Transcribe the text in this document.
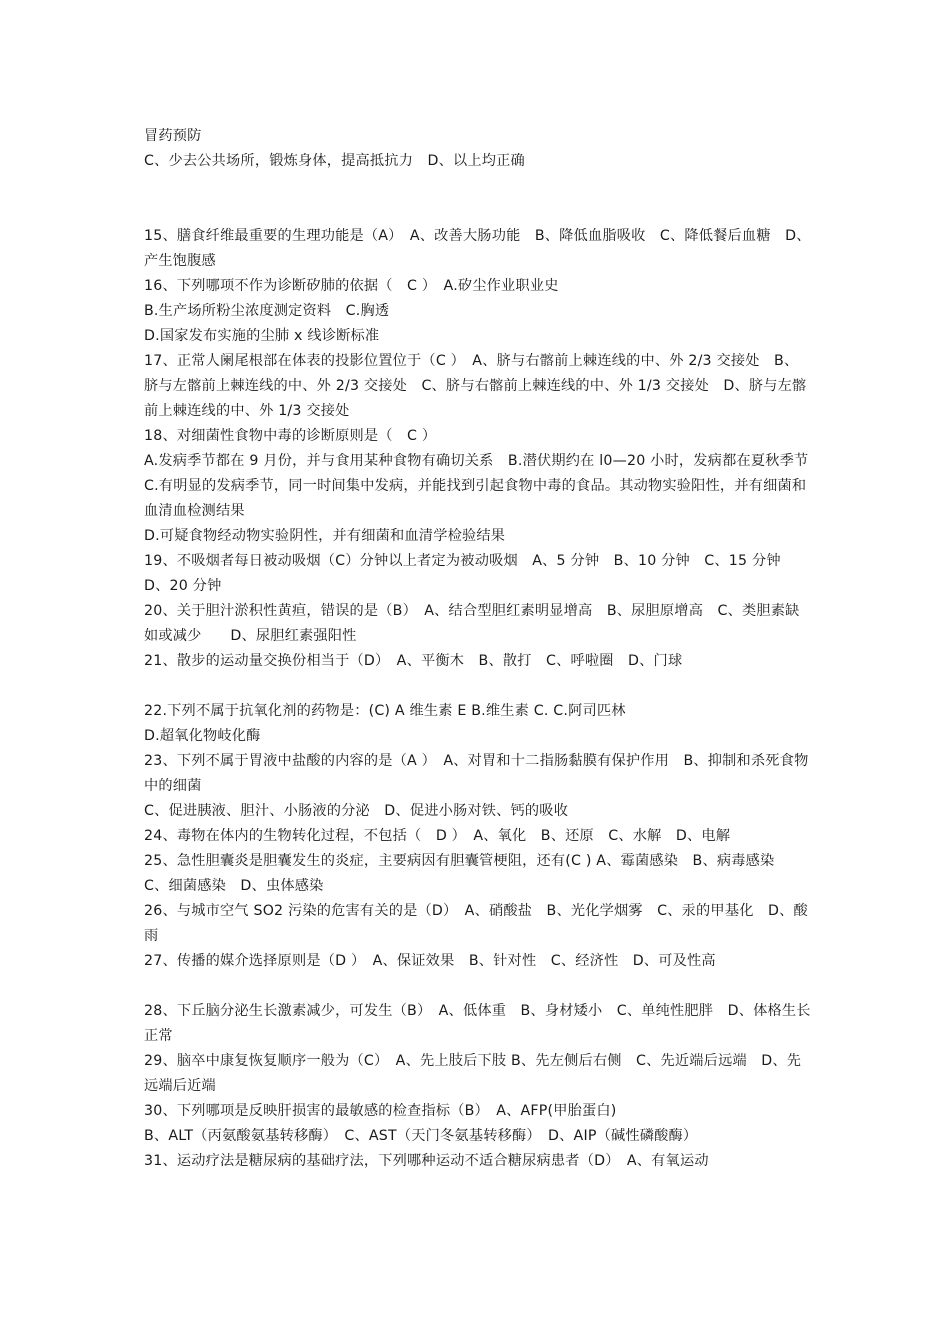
冒药预防

C、少去公共场所，锻炼身体，提高抵抗力　D、以上均正确

15、膳食纤维最重要的生理功能是（A）　A、改善大肠功能　B、降低血脂吸收　C、降低餐后血糖　D、产生饱腹感

16、下列哪项不作为诊断矽肺的依据（　C ）　A.矽尘作业职业史

B.生产场所粉尘浓度测定资料　C.胸透

D.国家发布实施的尘肺 x 线诊断标准

17、正常人阑尾根部在体表的投影位置位于（C ）　A、脐与右髂前上棘连线的中、外 2/3 交接处　B、脐与左髂前上棘连线的中、外 2/3 交接处　C、脐与右髂前上棘连线的中、外 1/3 交接处　D、脐与左髂前上棘连线的中、外 1/3 交接处

18、对细菌性食物中毒的诊断原则是（　C ）

A.发病季节都在 9 月份，并与食用某种食物有确切关系　B.潜伏期约在 l0—20 小时，发病都在夏秋季节

C.有明显的发病季节，同一时间集中发病，并能找到引起食物中毒的食品。其动物实验阳性，并有细菌和血清血检测结果

D.可疑食物经动物实验阴性，并有细菌和血清学检验结果

19、不吸烟者每日被动吸烟（C）分钟以上者定为被动吸烟　A、5 分钟　B、10 分钟　C、15 分钟　D、20 分钟

20、关于胆汁淤积性黄疸，错误的是（B）　A、结合型胆红素明显增高　B、尿胆原增高　C、类胆素缺如或减少　　D、尿胆红素强阳性

21、散步的运动量交换份相当于（D）　A、平衡木　B、散打　C、呼啦圈　D、门球

22.下列不属于抗氧化剂的药物是：(C) A 维生素 E B.维生素 C. C.阿司匹林

D.超氧化物岐化酶

23、下列不属于胃液中盐酸的内容的是（A ）　A、对胃和十二指肠黏膜有保护作用　B、抑制和杀死食物中的细菌

C、促进胰液、胆汁、小肠液的分泌　D、促进小肠对铁、钙的吸收

24、毒物在体内的生物转化过程，不包括（　D ）　A、氧化　B、还原　C、水解　D、电解

25、急性胆囊炎是胆囊发生的炎症，主要病因有胆囊管梗阻，还有(C ) A、霉菌感染　B、病毒感染　C、细菌感染　D、虫体感染

26、与城市空气 SO2 污染的危害有关的是（D）　A、硝酸盐　B、光化学烟雾　C、汞的甲基化　D、酸雨

27、传播的媒介选择原则是（D ）　A、保证效果　B、针对性　C、经济性　D、可及性高

28、下丘脑分泌生长激素减少，可发生（B）　A、低体重　B、身材矮小　C、单纯性肥胖　D、体格生长正常

29、脑卒中康复恢复顺序一般为（C）　A、先上肢后下肢 B、先左侧后右侧　C、先近端后远端　D、先远端后近端

30、下列哪项是反映肝损害的最敏感的检查指标（B）　A、AFP(甲胎蛋白)

B、ALT（丙氨酸氨基转移酶）　C、AST（天门冬氨基转移酶）　D、AIP（碱性磷酸酶）

31、运动疗法是糖尿病的基础疗法，下列哪种运动不适合糖尿病患者（D）　A、有氧运动
